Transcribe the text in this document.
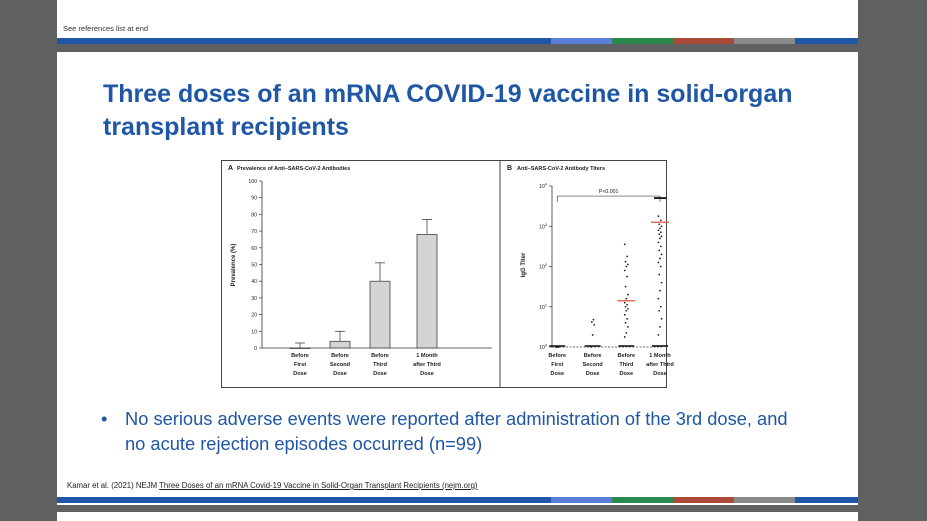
See references list at end
Three doses of an mRNA COVID-19 vaccine in solid-organ
transplant recipients
A Prevalence of Anti–SARS-CoV-2 Antibodies
0
10
20
30
40
50
60
70
80
90
100
Prevalence (%)
Before
First
Dose
Before
Second
Dose
Before
Third
Dose
1 Month
after Third
Dose
B Anti–SARS-CoV-2 Antibody Titers
$10^0$
$10^1$
$10^2$
$10^3$
$10^4$
IgG Titer
P<0.001
Before
First
Dose
Before
Second
Dose
Before
Third
Dose
1 Month
after Third
Dose
• No serious adverse events were reported after administration of the 3rd dose, and
no acute rejection episodes occurred (n=99)
Kamar et al. (2021) NEJM Three Doses of an mRNA Covid-19 Vaccine in Solid-Organ Transplant Recipients (nejm.org)
